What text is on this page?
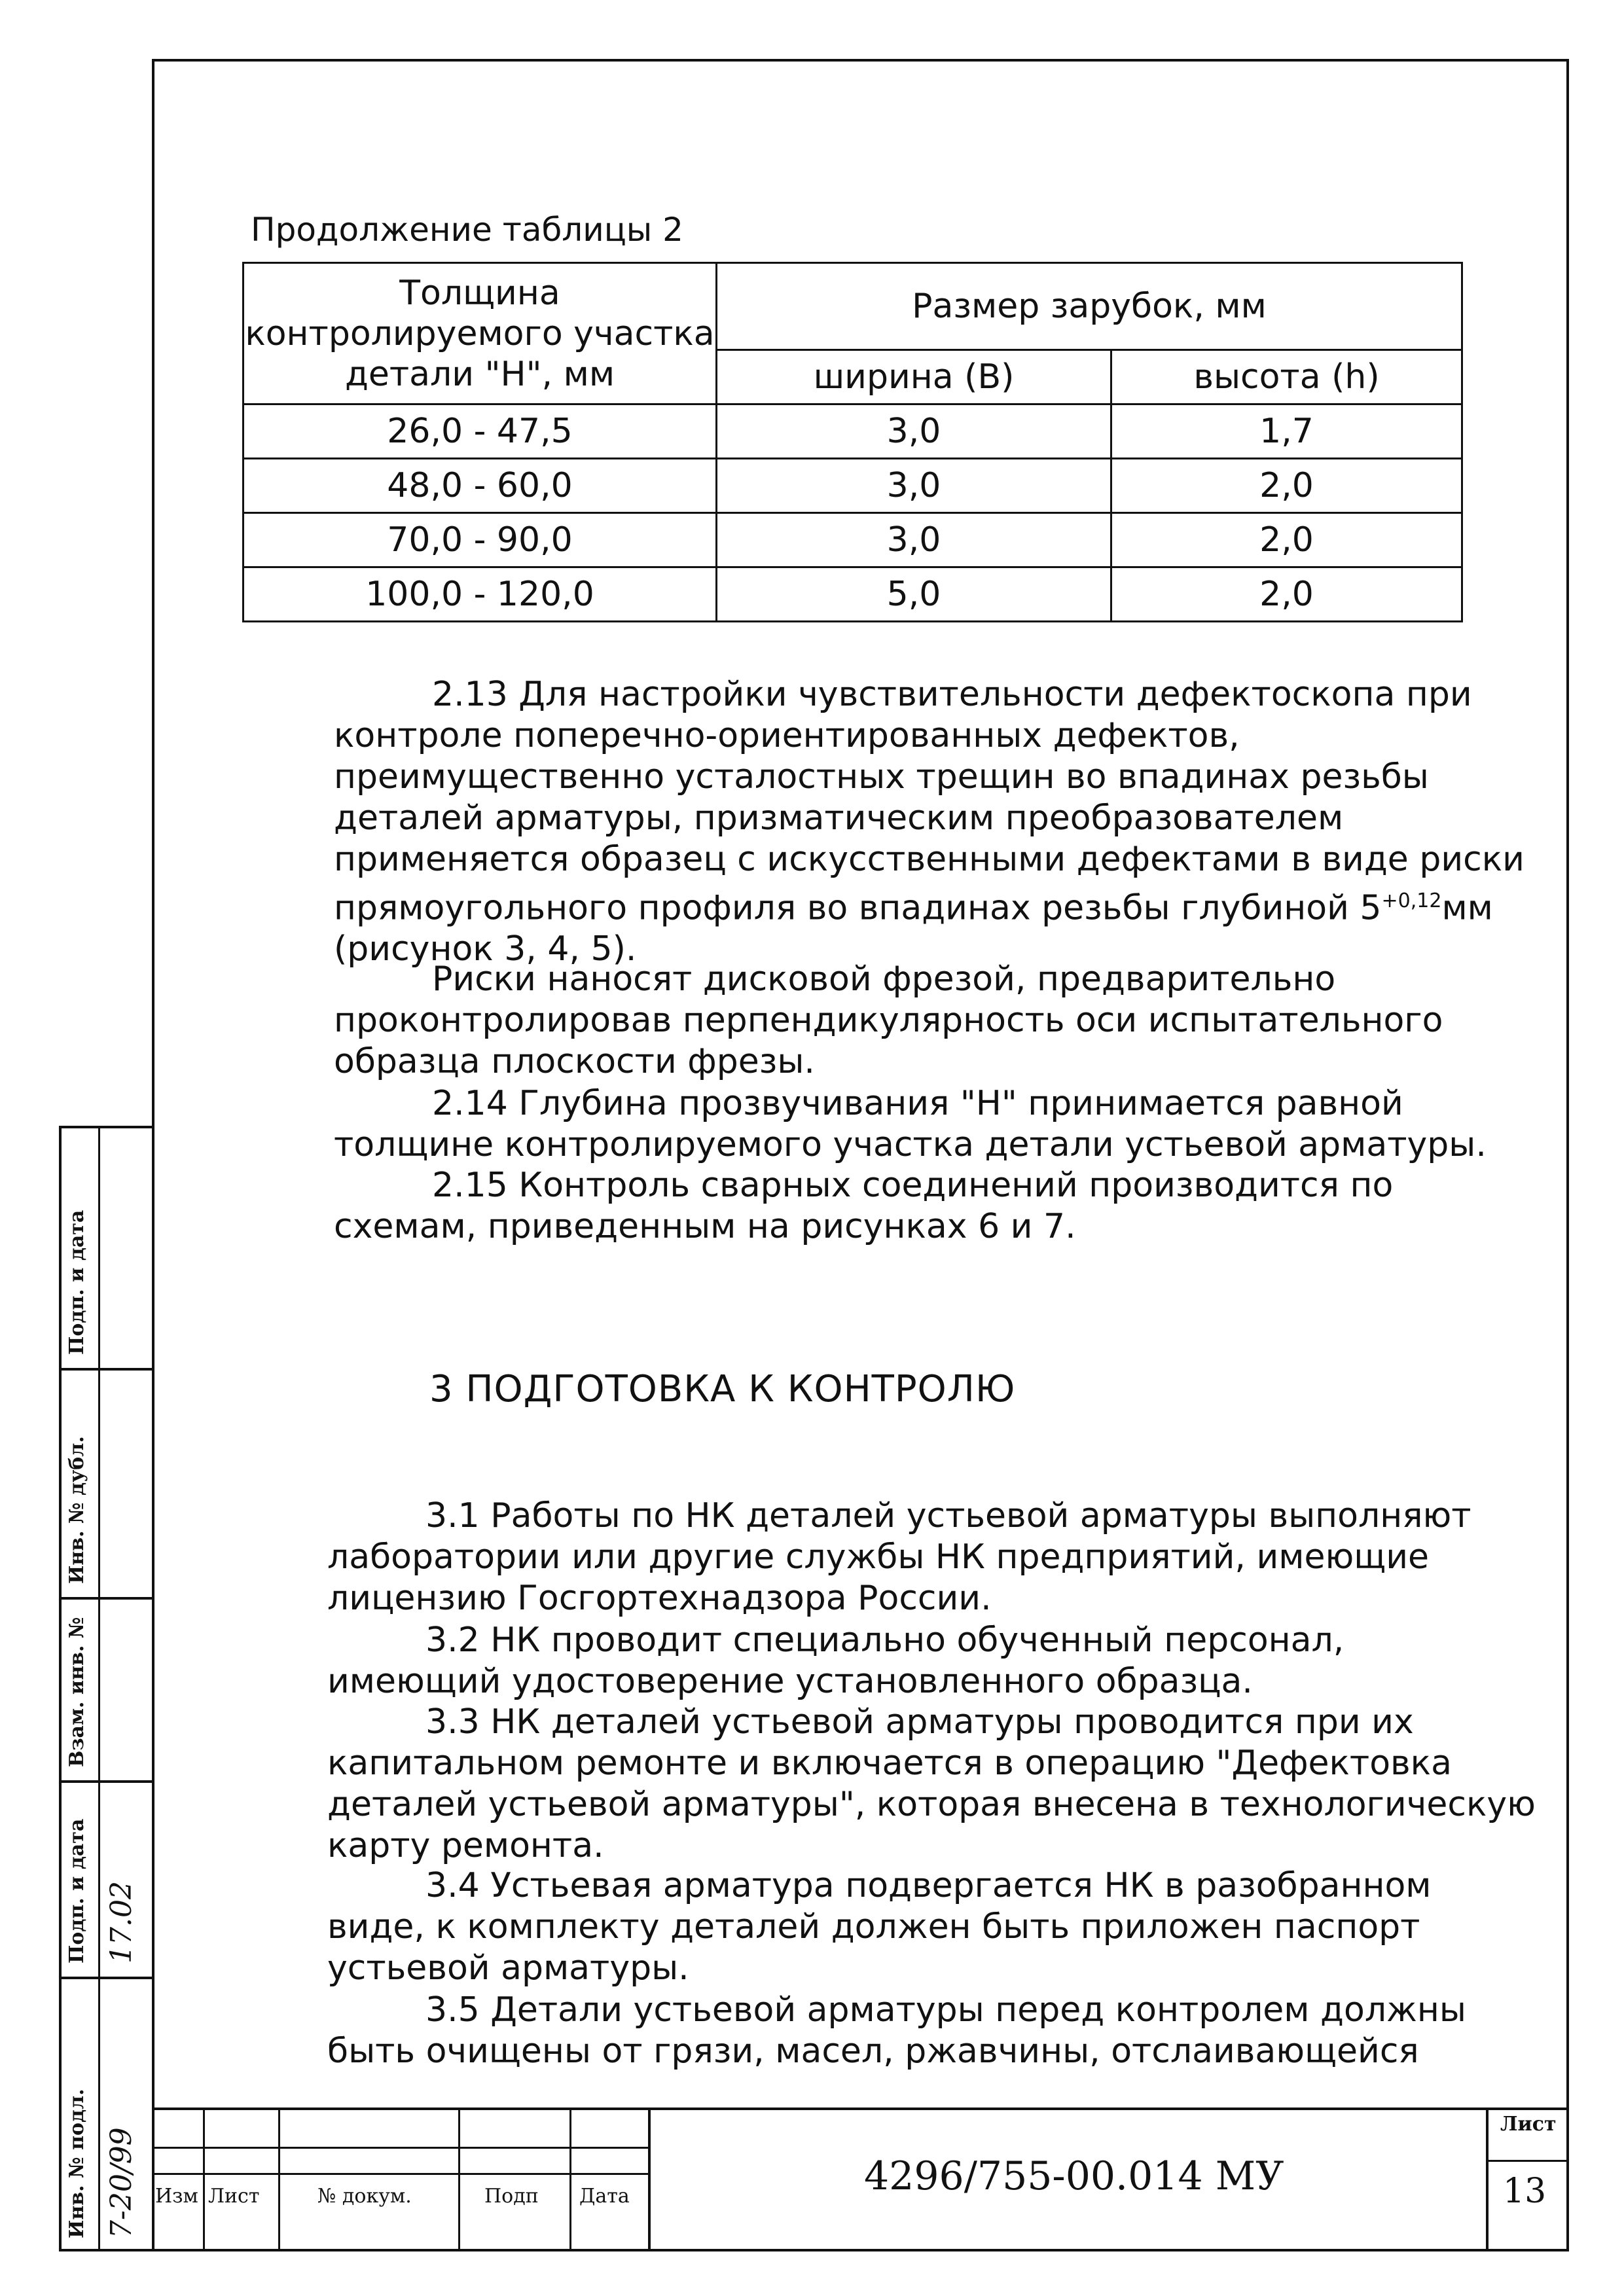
Инв. № подл.
Подп. и дата
Взам. инв. №
Инв. № дубл.
Подп. и дата
7-20/99
17.02
Продолжение таблицы 2
Толщина контролируемого участка детали "Н", мм	Размер зарубок, мм	
	ширина (В)	высота (h)
26,0 - 47,5	3,0	1,7
48,0 - 60,0	3,0	2,0
70,0 - 90,0	3,0	2,0
100,0 - 120,0	5,0	2,0
2.13 Для настройки чувствительности дефектоскопа при
контроле поперечно-ориентированных дефектов,
преимущественно усталостных трещин во впадинах резьбы
деталей арматуры, призматическим преобразователем
применяется образец с искусственными дефектами в виде риски
прямоугольного профиля во впадинах резьбы глубиной $5^{+0,12}мм$
(рисунок 3, 4, 5).
Риски наносят дисковой фрезой, предварительно
проконтролировав перпендикулярность оси испытательного
образца плоскости фрезы.
2.14 Глубина прозвучивания "Н" принимается равной
толщине контролируемого участка детали устьевой арматуры.
2.15 Контроль сварных соединений производится по
схемам, приведенным на рисунках 6 и 7.
3 ПОДГОТОВКА К КОНТРОЛЮ
3.1 Работы по НК деталей устьевой арматуры выполняют
лаборатории или другие службы НК предприятий, имеющие
лицензию Госгортехнадзора России.
3.2 НК проводит специально обученный персонал,
имеющий удостоверение установленного образца.
3.3 НК деталей устьевой арматуры проводится при их
капитальном ремонте и включается в операцию "Дефектовка
деталей устьевой арматуры", которая внесена в технологическую
карту ремонта.
3.4 Устьевая арматура подвергается НК в разобранном
виде, к комплекту деталей должен быть приложен паспорт
устьевой арматуры.
3.5 Детали устьевой арматуры перед контролем должны
быть очищены от грязи, масел, ржавчины, отслаивающейся
Изм Лист	№ докум.	Подп Дата	4296/755-00.014 МУ
Лист
13
